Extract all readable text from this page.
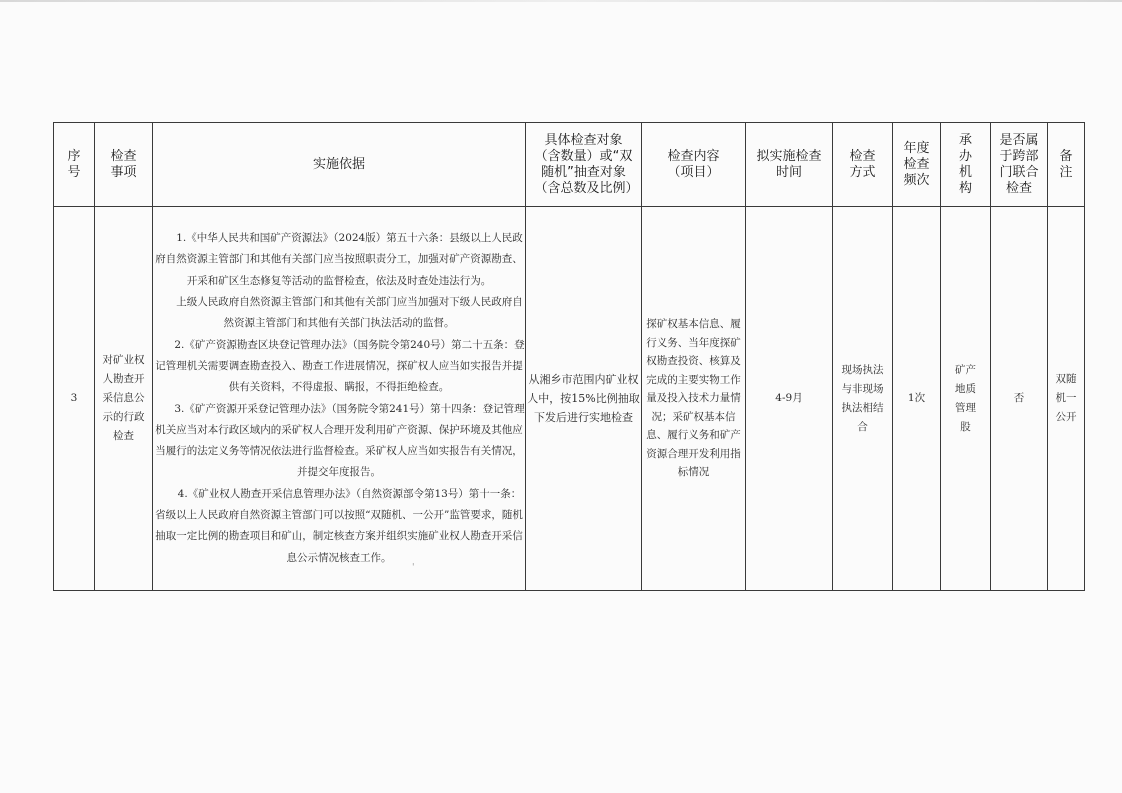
序号	检查事项	实施依据	具体检查对象（含数量）或“双随机”抽查对象（含总数及比例）	检查内容（项目）	拟实施检查时间	检查方式	年度检查频次	承办机构	是否属于跨部门联合检查	备注

3	对矿业权人勘查开采信息公示的行政检查	1.《中华人民共和国矿产资源法》（2024版）第五十六条：县级以上人民政府自然资源主管部门和其他有关部门应当按照职责分工，加强对矿产资源勘查、开采和矿区生态修复等活动的监督检查，依法及时查处违法行为。

上级人民政府自然资源主管部门和其他有关部门应当加强对下级人民政府自然资源主管部门和其他有关部门执法活动的监督。

2.《矿产资源勘查区块登记管理办法》（国务院令第240号）第二十五条：登记管理机关需要调查勘查投入、勘查工作进展情况，探矿权人应当如实报告并提供有关资料，不得虚报、瞒报，不得拒绝检查。

3.《矿产资源开采登记管理办法》（国务院令第241号）第十四条：登记管理机关应当对本行政区域内的采矿权人合理开发利用矿产资源、保护环境及其他应当履行的法定义务等情况依法进行监督检查。采矿权人应当如实报告有关情况，并提交年度报告。

4.《矿业权人勘查开采信息管理办法》（自然资源部令第13号）第十一条：省级以上人民政府自然资源主管部门可以按照“双随机、一公开”监管要求，随机抽取一定比例的勘查项目和矿山，制定核查方案并组织实施矿业权人勘查开采信息公示情况核查工作。	从湘乡市范围内矿业权人中，按15%比例抽取下发后进行实地检查	探矿权基本信息、履行义务、当年度探矿权勘查投资、核算及完成的主要实物工作量及投入技术力量情况；采矿权基本信息、履行义务和矿产资源合理开发利用指标情况	4-9月	现场执法与非现场执法相结合	1次	矿产地质管理股	否	双随机一公开
'
